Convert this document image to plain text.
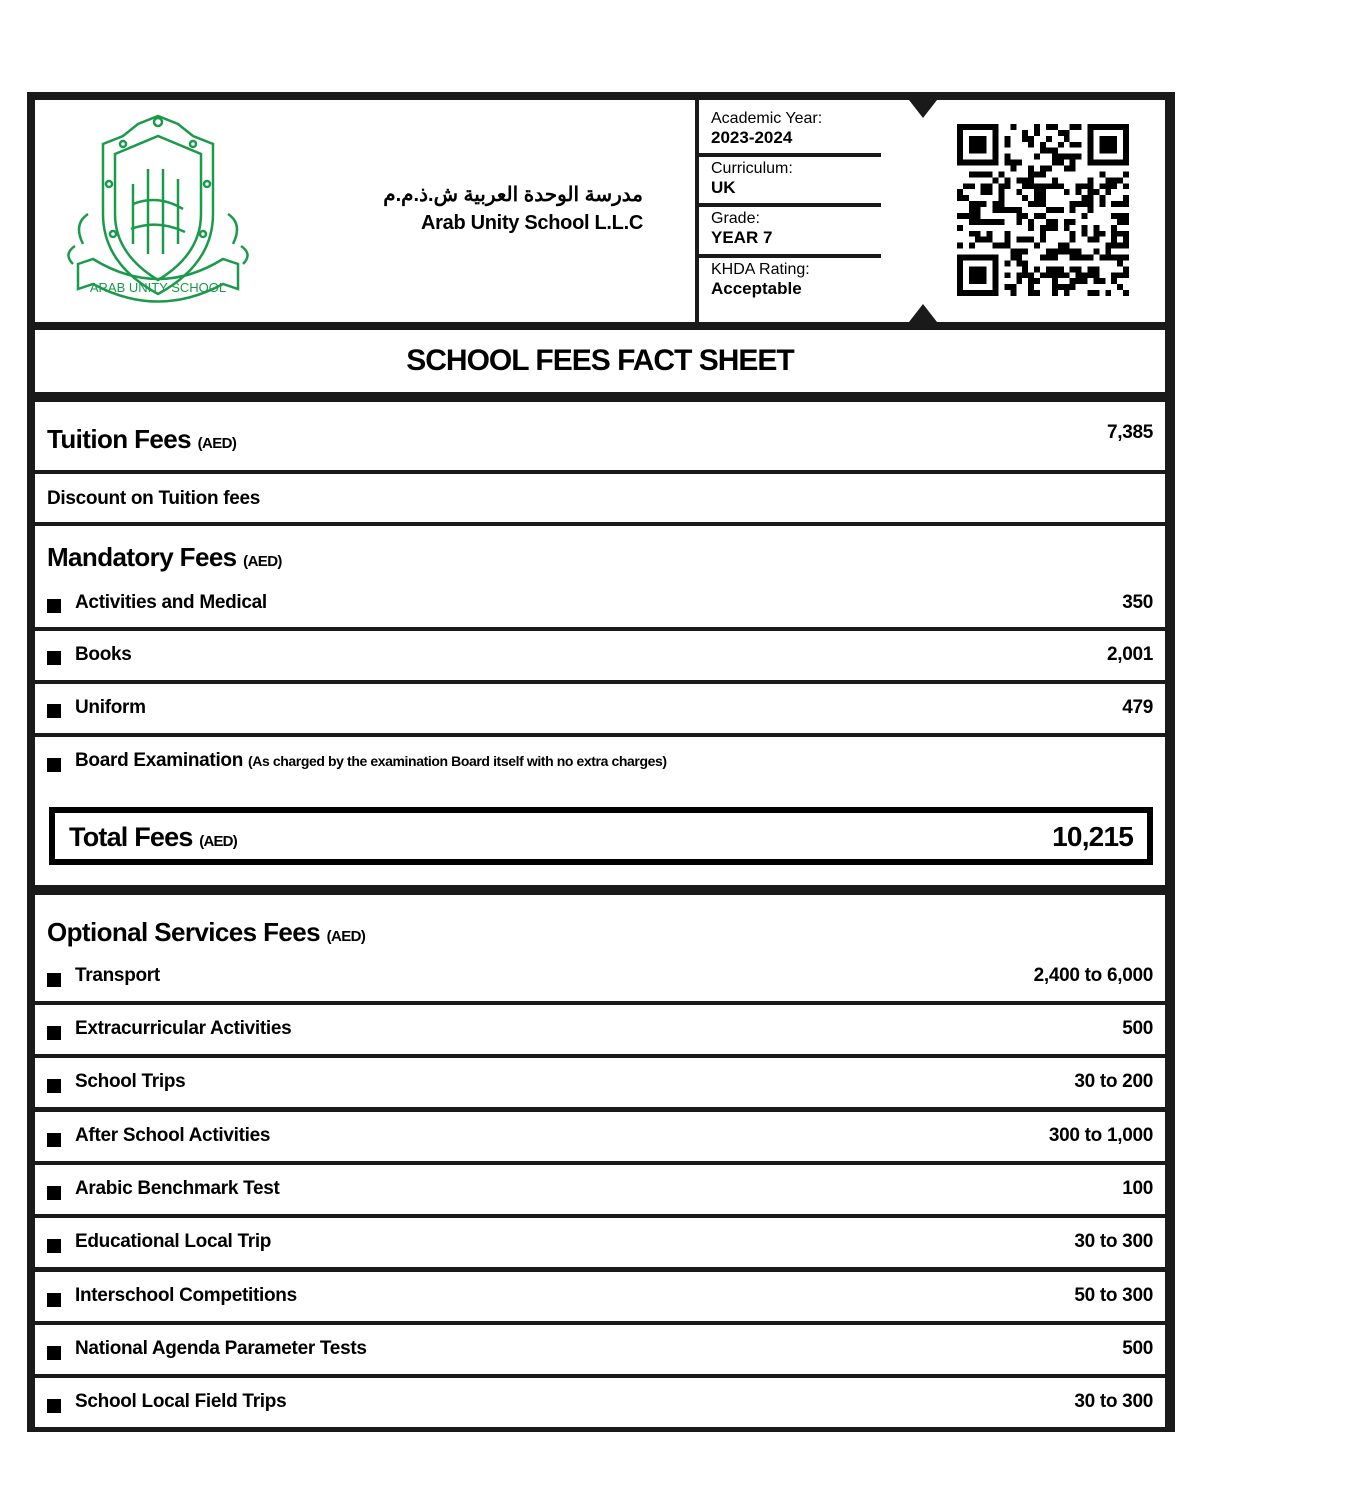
ARAB UNITY SCHOOL
مدرسة الوحدة العربية ش.ذ.م.م
Arab Unity School L.L.C
Academic Year:
2023-2024
Curriculum:
UK
Grade:
YEAR 7
KHDA Rating:
Acceptable
SCHOOL FEES FACT SHEET
Tuition Fees (AED)
7,385
Discount on Tuition fees
Mandatory Fees (AED)
Activities and Medical	350
Books	2,001
Uniform	479
Board Examination (As charged by the examination Board itself with no extra charges)
Total Fees (AED)	10,215
Optional Services Fees (AED)
Transport	2,400 to 6,000
Extracurricular Activities	500
School Trips	30 to 200
After School Activities	300 to 1,000
Arabic Benchmark Test	100
Educational Local Trip	30 to 300
Interschool Competitions	50 to 300
National Agenda Parameter Tests	500
School Local Field Trips	30 to 300
